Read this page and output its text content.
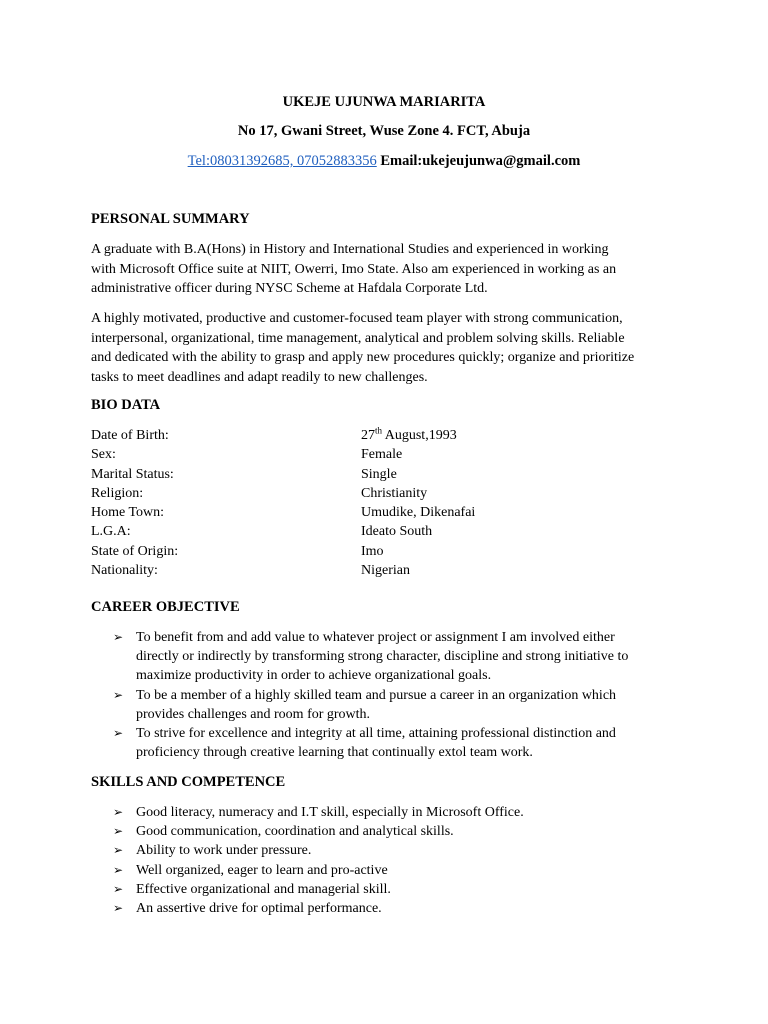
UKEJE UJUNWA MARIARITA
No 17, Gwani Street, Wuse Zone 4. FCT, Abuja
Tel:08031392685, 07052883356 Email:ukejeujunwa@gmail.com
PERSONAL SUMMARY
A graduate with B.A(Hons) in History and International Studies and experienced in working
with Microsoft Office suite at NIIT, Owerri, Imo State. Also am experienced in working as an
administrative officer during NYSC Scheme at Hafdala Corporate Ltd.
A highly motivated, productive and customer-focused team player with strong communication,
interpersonal, organizational, time management, analytical and problem solving skills. Reliable
and dedicated with the ability to grasp and apply new procedures quickly; organize and prioritize
tasks to meet deadlines and adapt readily to new challenges.
BIO DATA
Date of Birth:	27th August,1993
Sex:	Female
Marital Status:	Single
Religion:	Christianity
Home Town:	Umudike, Dikenafai
L.G.A:	Ideato South
State of Origin:	Imo
Nationality:	Nigerian
CAREER OBJECTIVE
➢ To benefit from and add value to whatever project or assignment I am involved either
directly or indirectly by transforming strong character, discipline and strong initiative to
maximize productivity in order to achieve organizational goals.
➢ To be a member of a highly skilled team and pursue a career in an organization which
provides challenges and room for growth.
➢ To strive for excellence and integrity at all time, attaining professional distinction and
proficiency through creative learning that continually extol team work.
SKILLS AND COMPETENCE
➢ Good literacy, numeracy and I.T skill, especially in Microsoft Office.
➢ Good communication, coordination and analytical skills.
➢ Ability to work under pressure.
➢ Well organized, eager to learn and pro-active
➢ Effective organizational and managerial skill.
➢ An assertive drive for optimal performance.
